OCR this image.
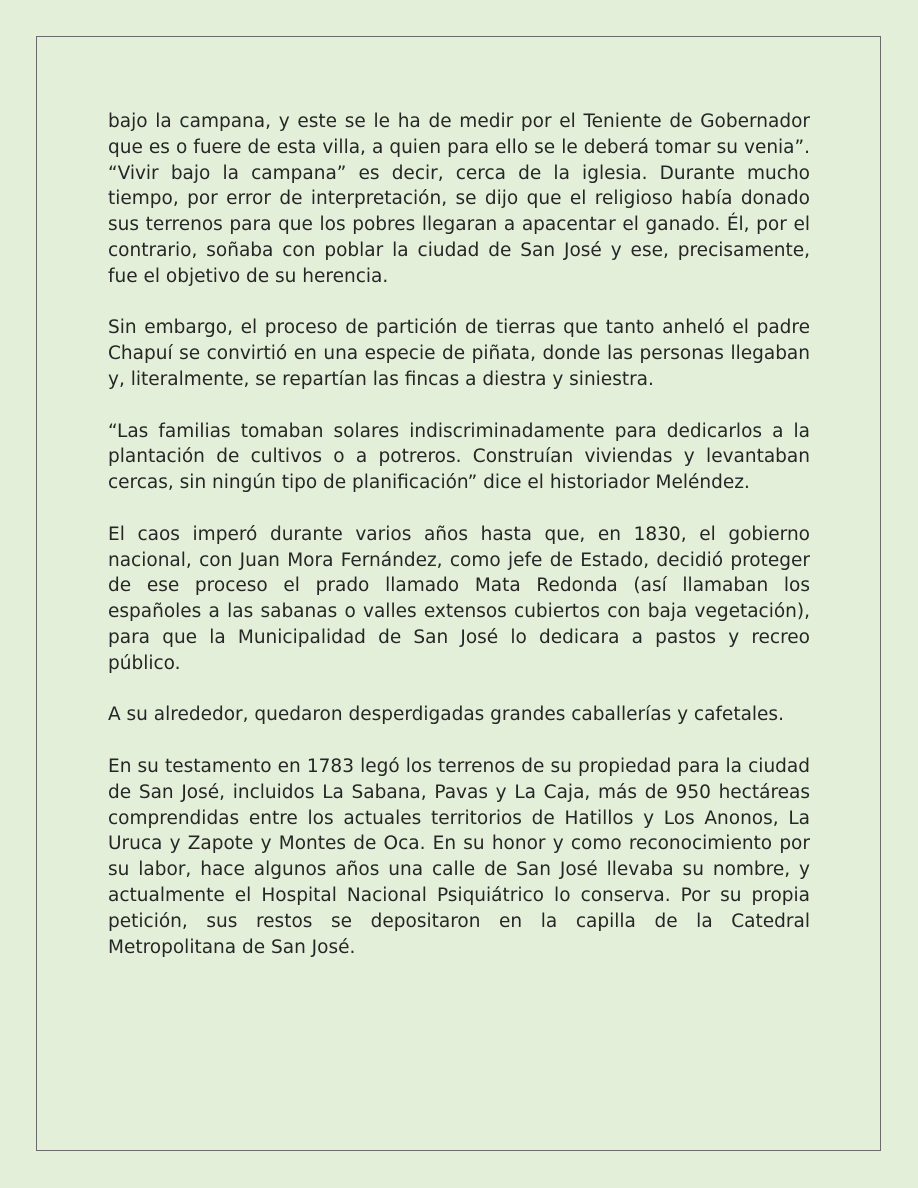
bajo la campana, y este se le ha de medir por el Teniente de Gobernador que es o fuere de esta villa, a quien para ello se le deberá tomar su venia”. “Vivir bajo la campana” es decir, cerca de la iglesia. Durante mucho tiempo, por error de interpretación, se dijo que el religioso había donado sus terrenos para que los pobres llegaran a apacentar el ganado. Él, por el contrario, soñaba con poblar la ciudad de San José y ese, precisamente, fue el objetivo de su herencia.

Sin embargo, el proceso de partición de tierras que tanto anheló el padre Chapuí se convirtió en una especie de piñata, donde las personas llegaban y, literalmente, se repartían las fincas a diestra y siniestra.

“Las familias tomaban solares indiscriminadamente para dedicarlos a la plantación de cultivos o a potreros. Construían viviendas y levantaban cercas, sin ningún tipo de planificación” dice el historiador Meléndez.

El caos imperó durante varios años hasta que, en 1830, el gobierno nacional, con Juan Mora Fernández, como jefe de Estado, decidió proteger de ese proceso el prado llamado Mata Redonda (así llamaban los españoles a las sabanas o valles extensos cubiertos con baja vegetación), para que la Municipalidad de San José lo dedicara a pastos y recreo público.

A su alrededor, quedaron desperdigadas grandes caballerías y cafetales.

En su testamento en 1783 legó los terrenos de su propiedad para la ciudad de San José, incluidos La Sabana, Pavas y La Caja, más de 950 hectáreas comprendidas entre los actuales territorios de Hatillos y Los Anonos, La Uruca y Zapote y Montes de Oca. En su honor y como reconocimiento por su labor, hace algunos años una calle de San José llevaba su nombre, y actualmente el Hospital Nacional Psiquiátrico lo conserva. Por su propia petición, sus restos se depositaron en la capilla de la Catedral Metropolitana de San José.
